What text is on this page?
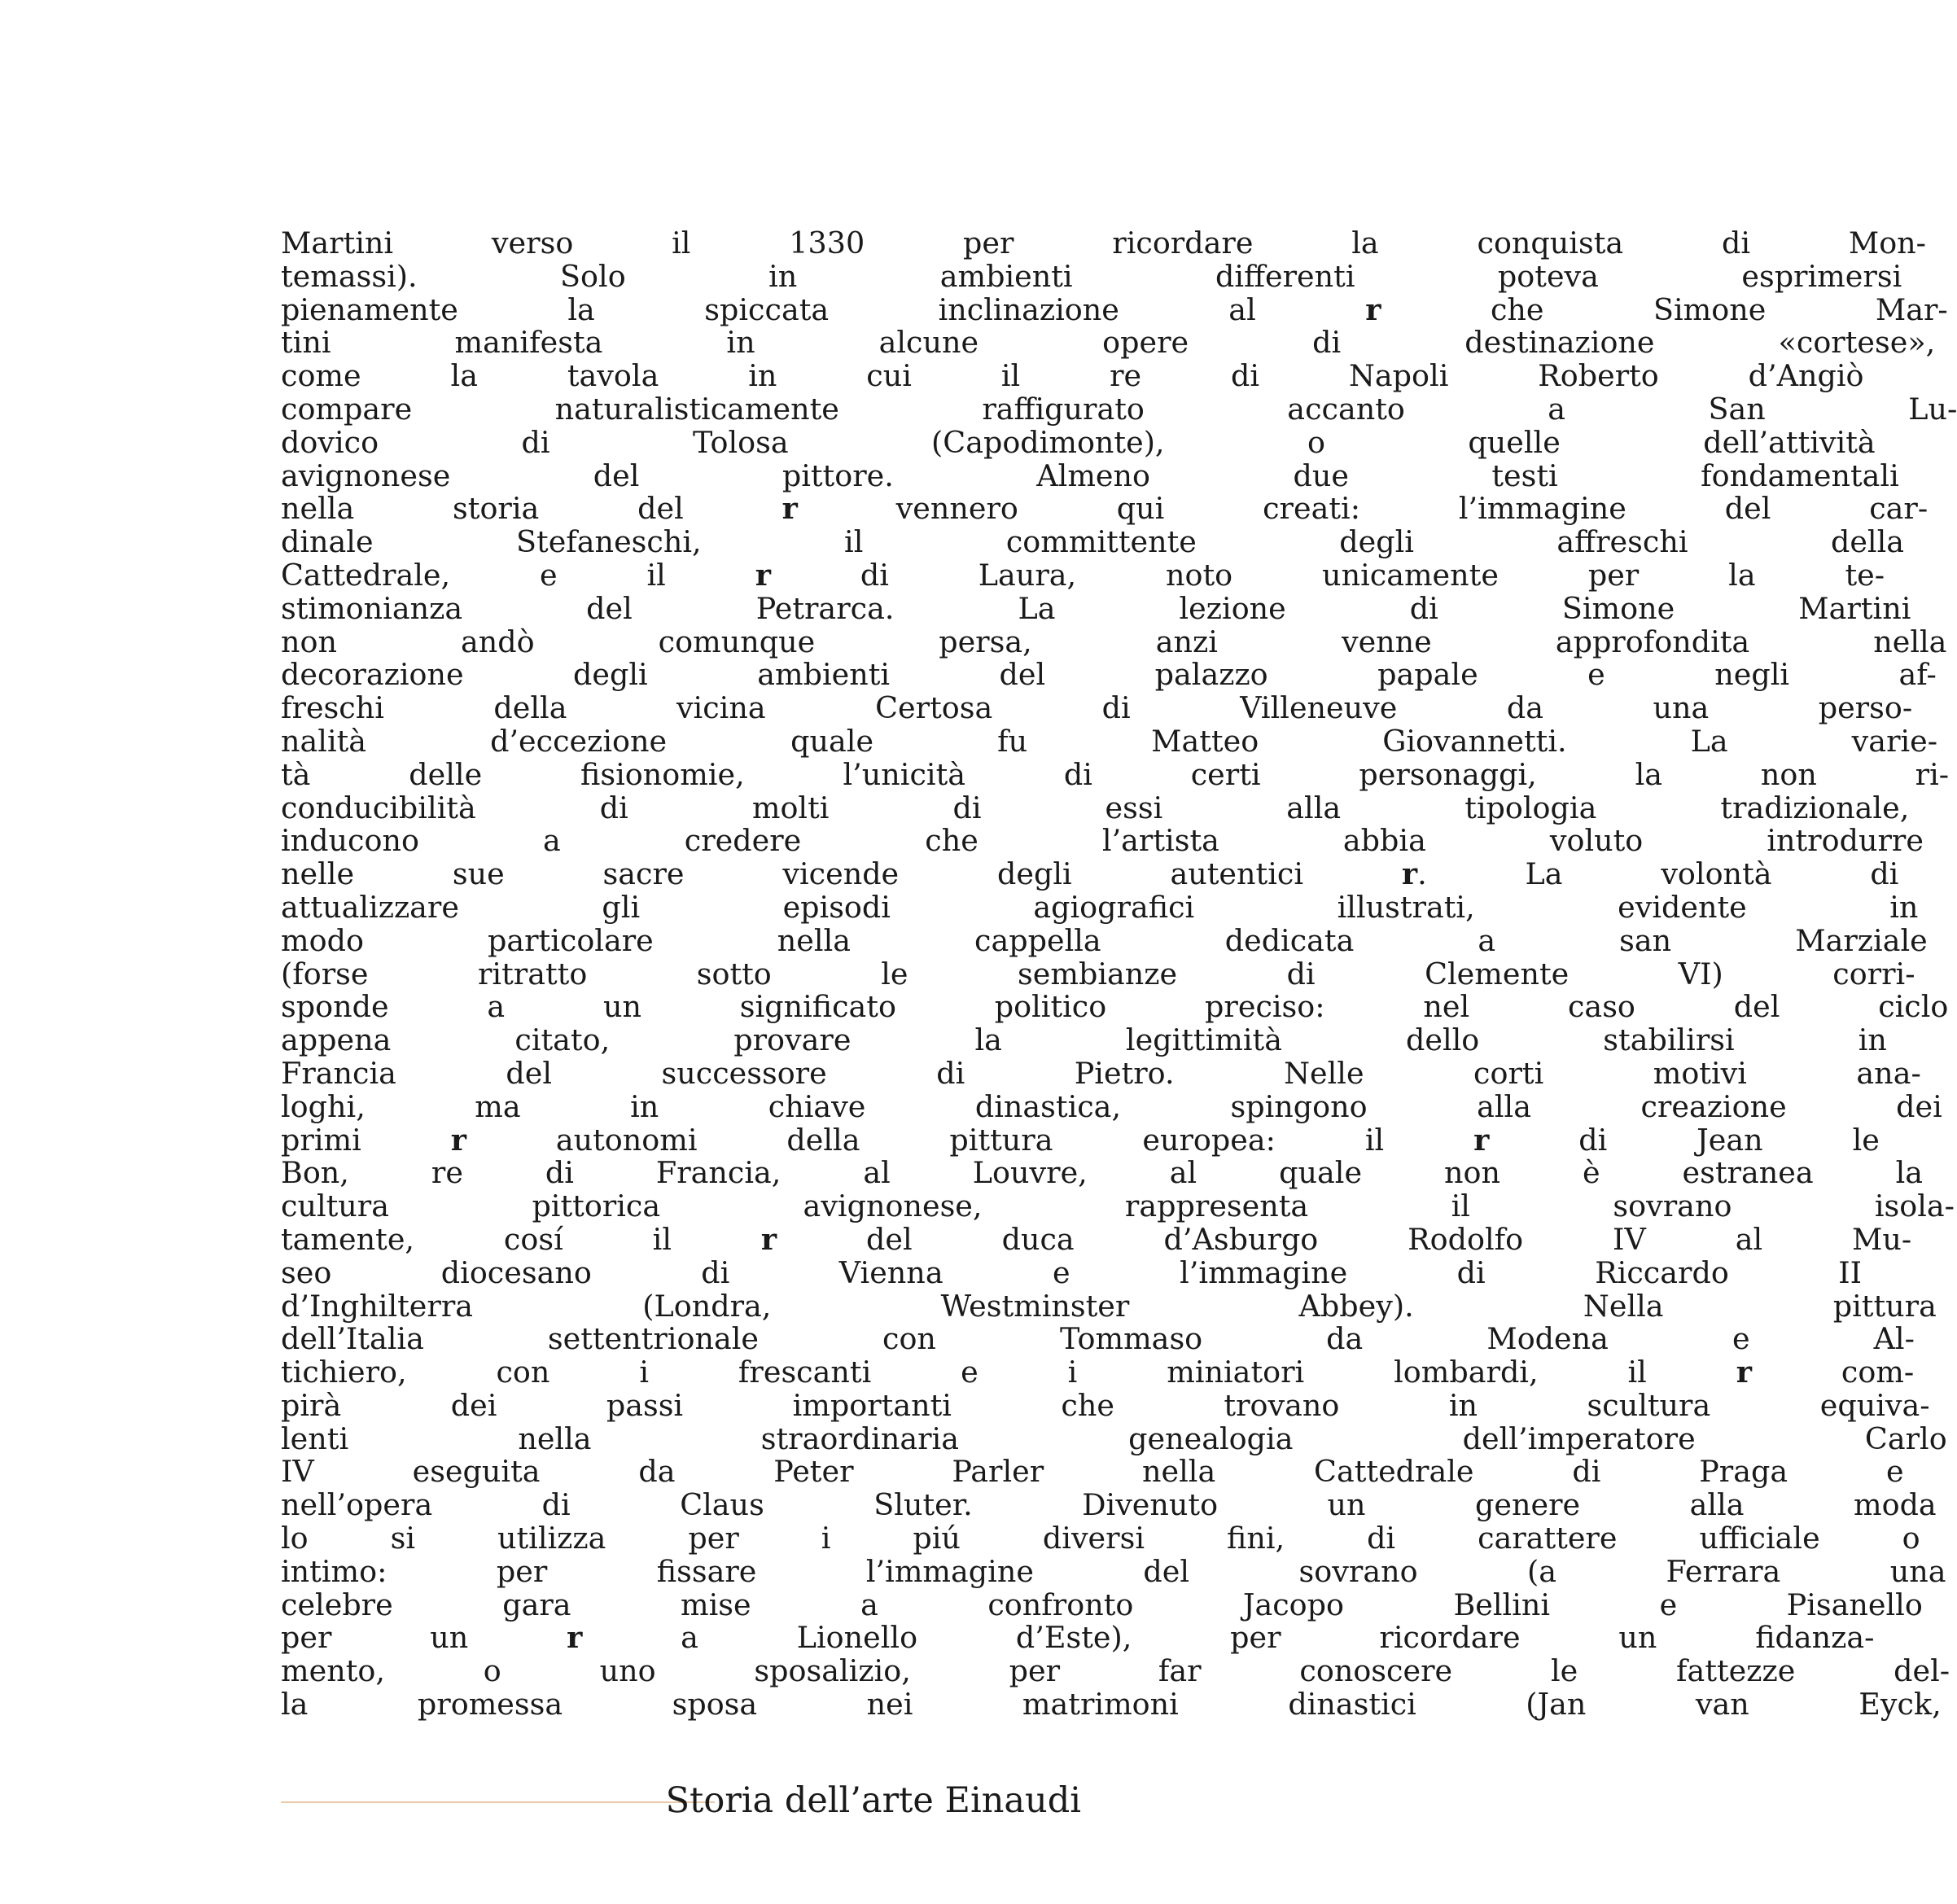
Martini verso il 1330 per ricordare la conquista di Mon-
temassi). Solo in ambienti differenti poteva esprimersi
pienamente la spiccata inclinazione al r che Simone Mar-
tini manifesta in alcune opere di destinazione «cortese»,
come la tavola in cui il re di Napoli Roberto d’Angiò
compare naturalisticamente raffigurato accanto a San Lu-
dovico di Tolosa (Capodimonte), o quelle dell’attività
avignonese del pittore. Almeno due testi fondamentali
nella storia del r vennero qui creati: l’immagine del car-
dinale Stefaneschi, il committente degli affreschi della
Cattedrale, e il r di Laura, noto unicamente per la te-
stimonianza del Petrarca. La lezione di Simone Martini
non andò comunque persa, anzi venne approfondita nella
decorazione degli ambienti del palazzo papale e negli af-
freschi della vicina Certosa di Villeneuve da una perso-
nalità d’eccezione quale fu Matteo Giovannetti. La varie-
tà delle fisionomie, l’unicità di certi personaggi, la non ri-
conducibilità di molti di essi alla tipologia tradizionale,
inducono a credere che l’artista abbia voluto introdurre
nelle sue sacre vicende degli autentici r. La volontà di
attualizzare gli episodi agiografici illustrati, evidente in
modo particolare nella cappella dedicata a san Marziale
(forse ritratto sotto le sembianze di Clemente VI) corri-
sponde a un significato politico preciso: nel caso del ciclo
appena citato, provare la legittimità dello stabilirsi in
Francia del successore di Pietro. Nelle corti motivi ana-
loghi, ma in chiave dinastica, spingono alla creazione dei
primi r autonomi della pittura europea: il r di Jean le
Bon, re di Francia, al Louvre, al quale non è estranea la
cultura pittorica avignonese, rappresenta il sovrano isola-
tamente, cosí il r del duca d’Asburgo Rodolfo IV al Mu-
seo diocesano di Vienna e l’immagine di Riccardo II
d’Inghilterra (Londra, Westminster Abbey). Nella pittura
dell’Italia settentrionale con Tommaso da Modena e Al-
tichiero, con i frescanti e i miniatori lombardi, il r com-
pirà dei passi importanti che trovano in scultura equiva-
lenti nella straordinaria genealogia dell’imperatore Carlo
IV eseguita da Peter Parler nella Cattedrale di Praga e
nell’opera di Claus Sluter. Divenuto un genere alla moda
lo si utilizza per i piú diversi fini, di carattere ufficiale o
intimo: per fissare l’immagine del sovrano (a Ferrara una
celebre gara mise a confronto Jacopo Bellini e Pisanello
per un r a Lionello d’Este), per ricordare un fidanza-
mento, o uno sposalizio, per far conoscere le fattezze del-
la promessa sposa nei matrimoni dinastici (Jan van Eyck,
Storia dell’arte Einaudi
